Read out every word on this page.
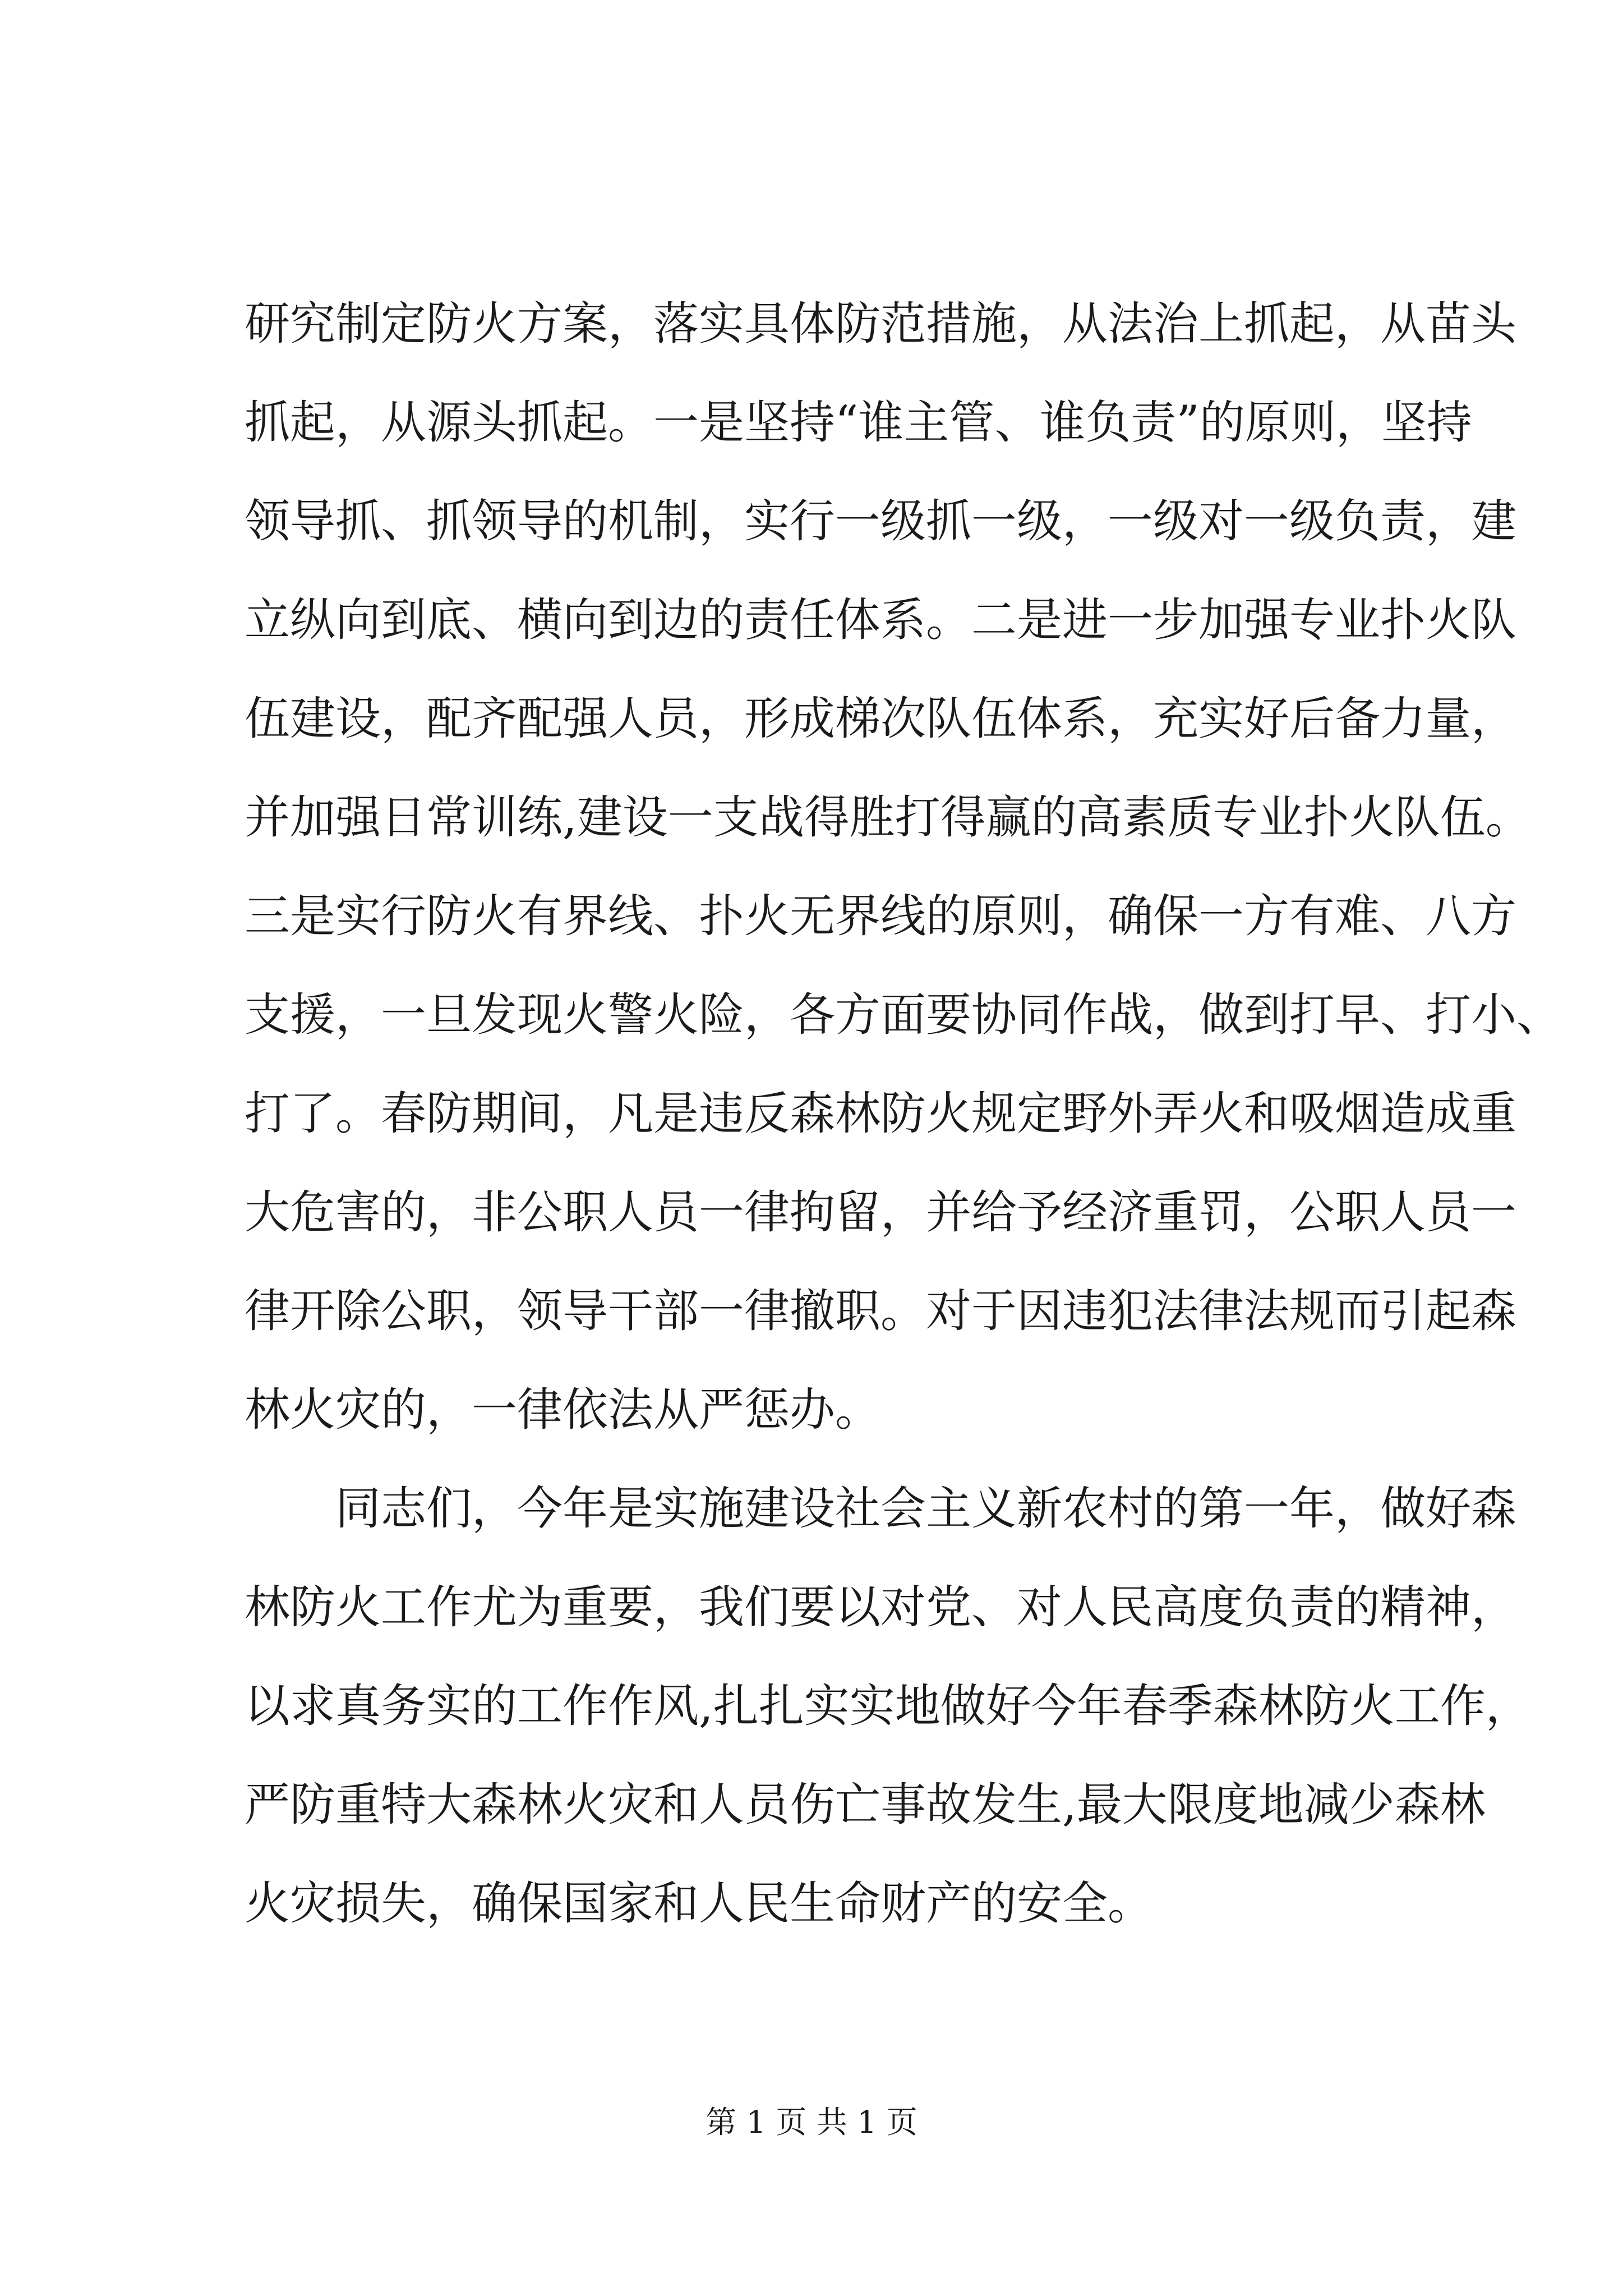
研究制定防火方案，落实具体防范措施，从法治上抓起，从苗头
抓起，从源头抓起。一是坚持“谁主管、谁负责”的原则，坚持
领导抓、抓领导的机制，实行一级抓一级，一级对一级负责，建
立纵向到底、横向到边的责任体系。二是进一步加强专业扑火队
伍建设，配齐配强人员，形成梯次队伍体系，充实好后备力量，
并加强日常训练,建设一支战得胜打得赢的高素质专业扑火队伍。
三是实行防火有界线、扑火无界线的原则，确保一方有难、八方
支援，一旦发现火警火险，各方面要协同作战，做到打早、打小、
打了。春防期间，凡是违反森林防火规定野外弄火和吸烟造成重
大危害的，非公职人员一律拘留，并给予经济重罚，公职人员一
律开除公职，领导干部一律撤职。对于因违犯法律法规而引起森
林火灾的，一律依法从严惩办。
同志们，今年是实施建设社会主义新农村的第一年，做好森
林防火工作尤为重要，我们要以对党、对人民高度负责的精神，
以求真务实的工作作风,扎扎实实地做好今年春季森林防火工作，
严防重特大森林火灾和人员伤亡事故发生,最大限度地减少森林
火灾损失，确保国家和人民生命财产的安全。
第 1 页 共 1 页
